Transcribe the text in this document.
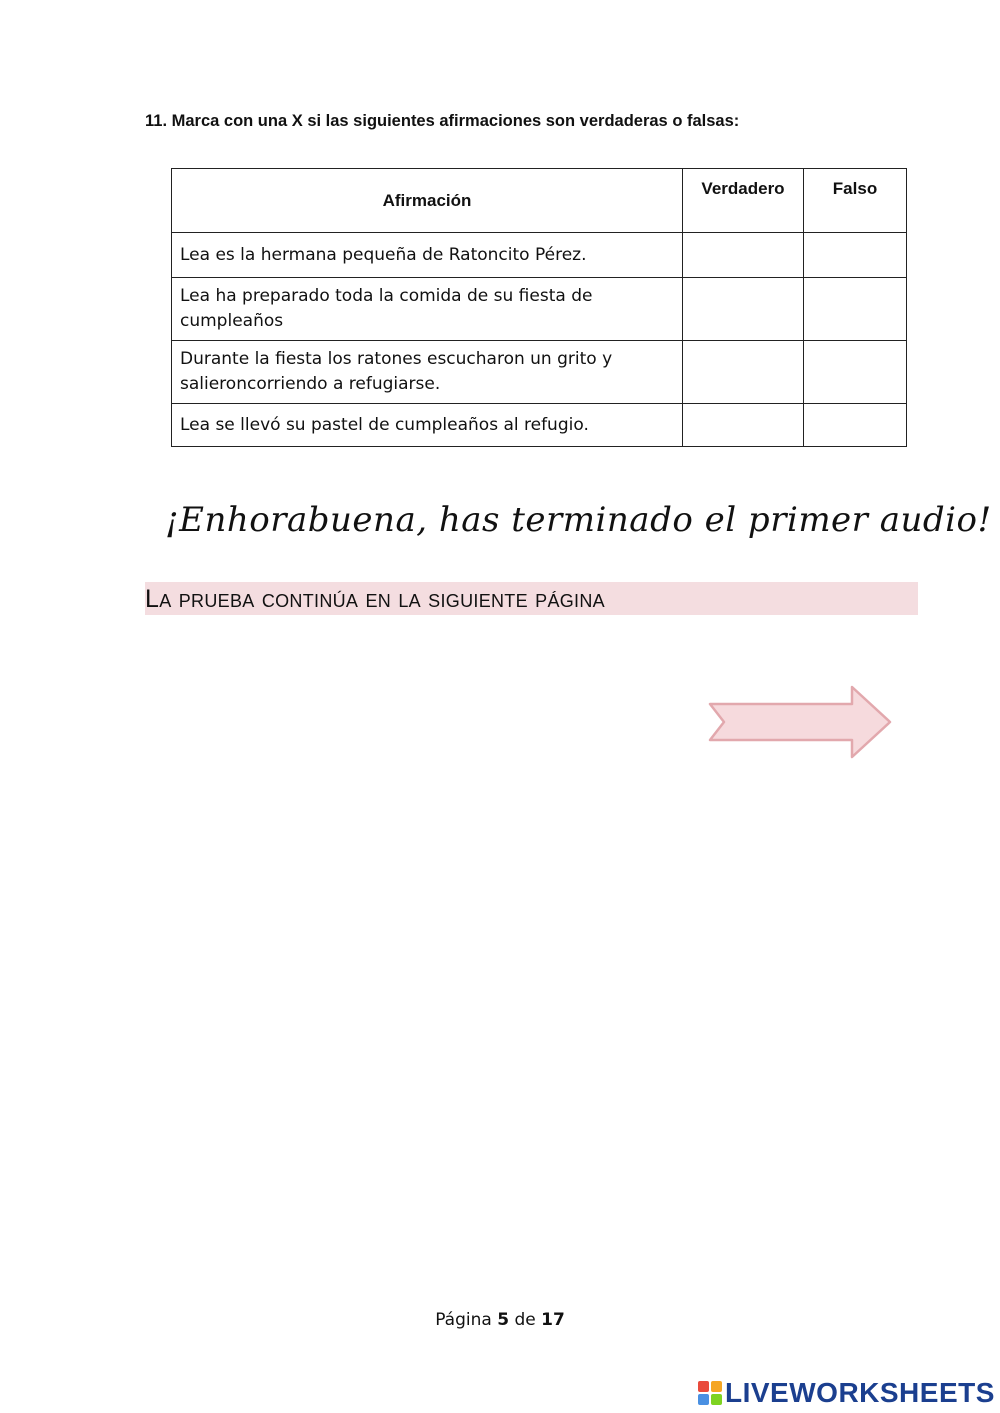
11. Marca con una X si las siguientes afirmaciones son verdaderas o falsas:
Afirmación	Verdadero	Falso

Lea es la hermana pequeña de Ratoncito Pérez.		

Lea ha preparado toda la comida de su fiesta de
cumpleaños		

Durante la fiesta los ratones escucharon un grito y
salieroncorriendo a refugiarse.		

Lea se llevó su pastel de cumpleaños al refugio.		

¡Enhorabuena, has terminado el primer audio!
La prueba continúa en la siguiente página
Página 5 de 17
LIVEWORKSHEETS
